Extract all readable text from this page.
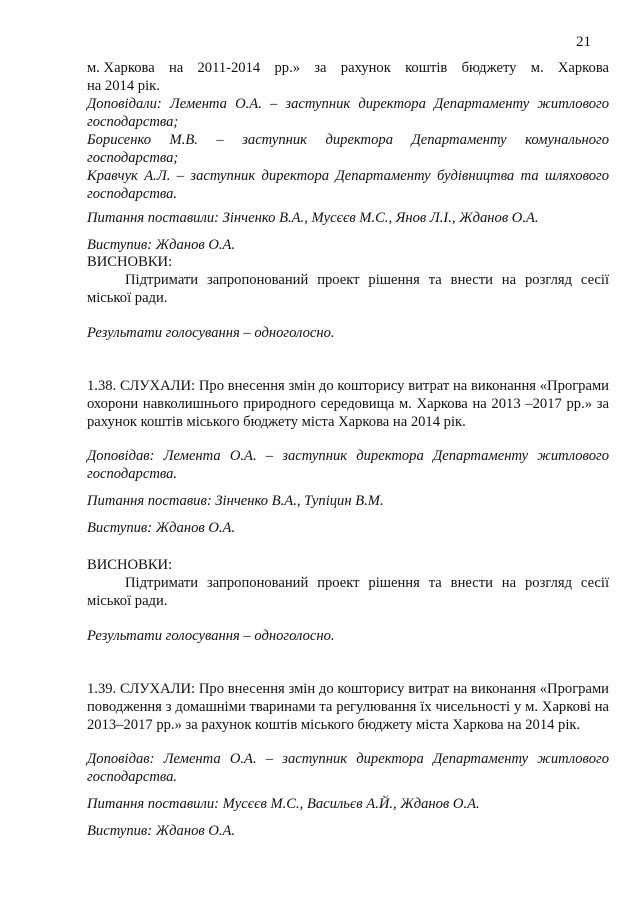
21
м. Харкова на 2011-2014 рр.» за рахунок коштів бюджету м. Харкова

на 2014 рік.

Доповідали: Лемента О.А. – заступник директора Департаменту житлового господарства;

Борисенко М.В. – заступник директора Департаменту комунального господарства;

Кравчук А.Л. – заступник директора Департаменту будівництва та шляхового господарства.

Питання поставили: Зінченко В.А., Мусєєв М.С., Янов Л.І., Жданов О.А.
Виступив: Жданов О.А.
ВИСНОВКИ:
Підтримати запропонований проект рішення та внести на розгляд сесії міської ради.
Результати голосування – одноголосно.
1.38. СЛУХАЛИ: Про внесення змін до кошторису витрат на виконання «Програми охорони навколишнього природного середовища м. Харкова на 2013 –2017 рр.» за рахунок коштів міського бюджету міста Харкова на 2014 рік.
Доповідав: Лемента О.А. – заступник директора Департаменту житлового господарства.
Питання поставив: Зінченко В.А., Тупіцин В.М.
Виступив: Жданов О.А.
ВИСНОВКИ:
Підтримати запропонований проект рішення та внести на розгляд сесії міської ради.
Результати голосування – одноголосно.
1.39. СЛУХАЛИ: Про внесення змін до кошторису витрат на виконання «Програми поводження з домашніми тваринами та регулювання їх чисельності у м. Харкові на 2013–2017 рр.» за рахунок коштів міського бюджету міста Харкова на 2014 рік.
Доповідав: Лемента О.А. – заступник директора Департаменту житлового господарства.
Питання поставили: Мусєєв М.С., Васильєв А.Й., Жданов О.А.
Виступив: Жданов О.А.
